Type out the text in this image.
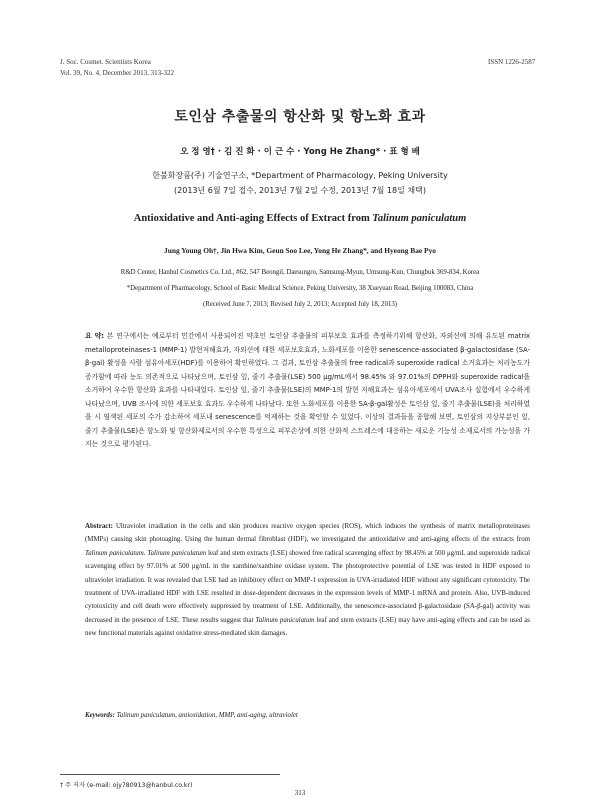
J. Soc. Cosmet. Scientists Korea
Vol. 39, No. 4, December 2013, 313-322
ISSN 1226-2587
토인삼 추출물의 항산화 및 항노화 효과
오 정 영† · 김 진 화 · 이 근 수 · Yong He Zhang* · 표 형 배
한불화장품(주) 기술연구소, *Department of Pharmacology, Peking University
(2013년 6월 7일 접수, 2013년 7월 2일 수정, 2013년 7월 18일 채택)
Antioxidative and Anti-aging Effects of Extract from Talinum paniculatum
Jung Young Oh†, Jin Hwa Kim, Geun Soo Lee, Yong He Zhang*, and Hyeong Bae Pyo
R&D Center, Hanbul Cosmetics Co. Ltd., #62, 547 Beongil, Daesungro, Samsung-Myun, Umsung-Kun, Chungbuk 369-834, Korea
*Department of Pharmacology, School of Basic Medical Science, Peking University, 38 Xueyuan Road, Beijing 100083, China
(Received June 7, 2013; Revised July 2, 2013; Accepted July 18, 2013)
요 약: 본 연구에서는 예로부터 민간에서 사용되어진 약초인 토인삼 추출물의 피부보호 효과를 측정하기위해 항산화, 자외선에 의해 유도된 matrix metalloproteinases-1 (MMP-1) 발현저해효과, 자외선에 대한 세포보호효과, 노화세포를 이용한 senescence-associated β-galactosidase (SA-β-gal) 활성을 사람 섬유아세포(HDF)를 이용하여 확인하였다. 그 결과, 토인삼 추출물의 free radical과 superoxide radical 소거효과는 처리농도가 증가함에 따라 농도 의존적으로 나타났으며, 토인삼 잎, 줄기 추출물(LSE) 500 μg/mL에서 98.45% 와 97.01%의 DPPH와 superoxide radical을 소거하여 우수한 항산화 효과를 나타내었다. 토인삼 잎, 줄기 추출물(LSE)의 MMP-1의 발현 저해효과는 섬유아세포에서 UVA조사 실험에서 우수하게 나타났으며, UVB 조사에 의한 세포보호 효과도 우수하게 나타났다. 또한 노화세포를 이용한 SA-β-gal활성은 토인삼 잎, 줄기 추출물(LSE)을 처리하였을 시 염색된 세포의 수가 감소하여 세포내 senescence를 억제하는 것을 확인할 수 있었다. 이상의 결과들을 종합해 보면, 토인삼의 지상부분인 잎, 줄기 추출물(LSE)은 항노화 및 항산화제로서의 우수한 특성으로 피부손상에 의한 산화적 스트레스에 대응하는 새로운 기능성 소재로서의 가능성을 가지는 것으로 평가된다.
Abstract: Ultraviolet irradiation in the cells and skin produces reactive oxygen species (ROS), which induces the synthesis of matrix metalloproteinases (MMPs) causing skin photoaging. Using the human dermal fibroblast (HDF), we investigated the antioxidative and anti-aging effects of the extracts from Talinum paniculatum. Talinum paniculatum leaf and stem extracts (LSE) showed free radical scavenging effect by 98.45% at 500 μg/mL and superoxide radical scavenging effect by 97.01% at 500 μg/mL in the xanthine/xanthine oxidase system. The photoprotective potential of LSE was tested in HDF exposed to ultraviolet irradiation. It was revealed that LSE had an inhibitory effect on MMP-1 expression in UVA-irradiated HDF without any significant cytotoxicity. The treatment of UVA-irradiated HDF with LSE resulted in dose-dependent decreases in the expression levels of MMP-1 mRNA and protein. Also, UVB-induced cytotoxicity and cell death were effectively suppressed by treatment of LSE. Additionally, the senescence-associated β-galactosidase (SA-β-gal) activity was decreased in the presence of LSE. These results suggest that Talinum paniculatum leaf and stem extracts (LSE) may have anti-aging effects and can be used as new functional materials against oxidative stress-mediated skin damages.
Keywords: Talinum paniculatum, antioxidation, MMP, anti-aging, ultraviolet
† 주 저자 (e-mail: ojy780913@hanbul.co.kr)
313
